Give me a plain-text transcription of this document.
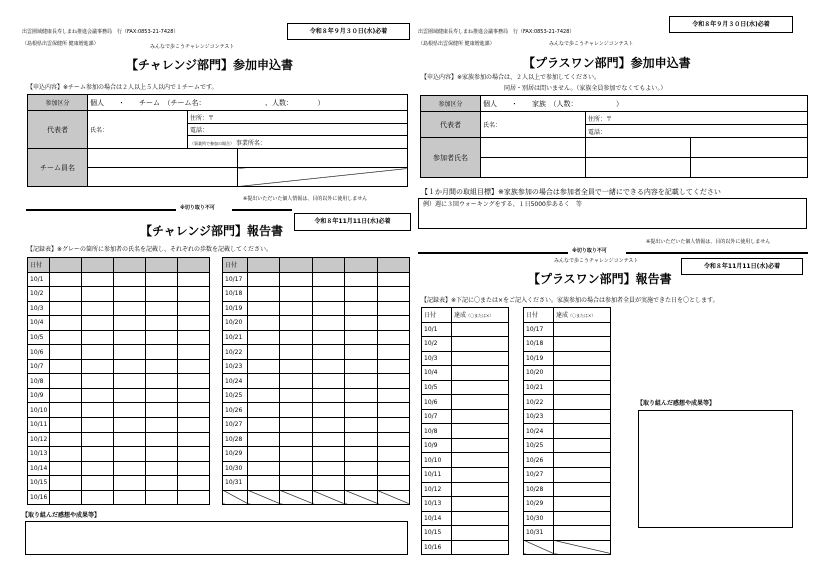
出雲圏域健康長寿しまね推進会議事務局　行（FAX:0853-21-7428）
（島根県出雲保健所 健康増進課）	みんなで歩こうチャレンジコンテスト
令和８年９月３０日(水)必着
【チャレンジ部門】参加申込書
【申込内容】※チーム参加の場合は２人以上５人以内で１チームです。
参加区分	個人　　・　　チーム　（チーム名：　　　　　　　　　、人数：　　　　）		
代表者	氏名：	住所：〒	
		電話：	
		（事業所で参加の場合） 事業所名：	
チーム員名			

※提出いただいた個人情報は、目的以外に使用しません
※切り取り不可
令和８年11月11日(水)必着
【チャレンジ部門】報告書
【記録表】※グレーの箇所に参加者の氏名を記載し、それぞれの歩数を記載してください。
日付					
10/1					
10/2					
10/3					
10/4					
10/5					
10/6					
10/7					
10/8					
10/9					
10/10					
10/11					
10/12					
10/13					
10/14					
10/15					
10/16					
日付					
10/17					
10/18					
10/19					
10/20					
10/21					
10/22					
10/23					
10/24					
10/25					
10/26					
10/27					
10/28					
10/29					
10/30					
10/31					

【取り組んだ感想や成果等】
出雲圏域健康長寿しまね推進会議事務局　行（FAX:0853-21-7428）
（島根県出雲保健所 健康増進課）	みんなで歩こうチャレンジコンテスト
令和８年９月３０日(水)必着
【プラスワン部門】参加申込書
【申込内容】※家族参加の場合は、２人以上で参加してください。
同居・別居は問いません。（家族全員参加でなくてもよい。）
参加区分	個人　　・　　家族　（人数：　　　　　　）		
代表者	氏名：	住所：〒	
		電話：	
参加者氏名			

【１か月間の取組目標】※家族参加の場合は参加者全員で一緒にできる内容を記載してください
例）週に３回ウォーキングをする、１日5000歩あるく　等
※提出いただいた個人情報は、目的以外に使用しません
※切り取り不可
みんなで歩こうチャレンジコンテスト
令和８年11月11日(水)必着
【プラスワン部門】報告書
【記録表】※下記に〇または×をご記入ください。家族参加の場合は参加者全員が実施できた日を〇とします。
日付	達成（〇または×）
10/1	
10/2	
10/3	
10/4	
10/5	
10/6	
10/7	
10/8	
10/9	
10/10	
10/11	
10/12	
10/13	
10/14	
10/15	
10/16	
日付	達成（〇または×）
10/17	
10/18	
10/19	
10/20	
10/21	
10/22	
10/23	
10/24	
10/25	
10/26	
10/27	
10/28	
10/29	
10/30	
10/31	

【取り組んだ感想や成果等】
